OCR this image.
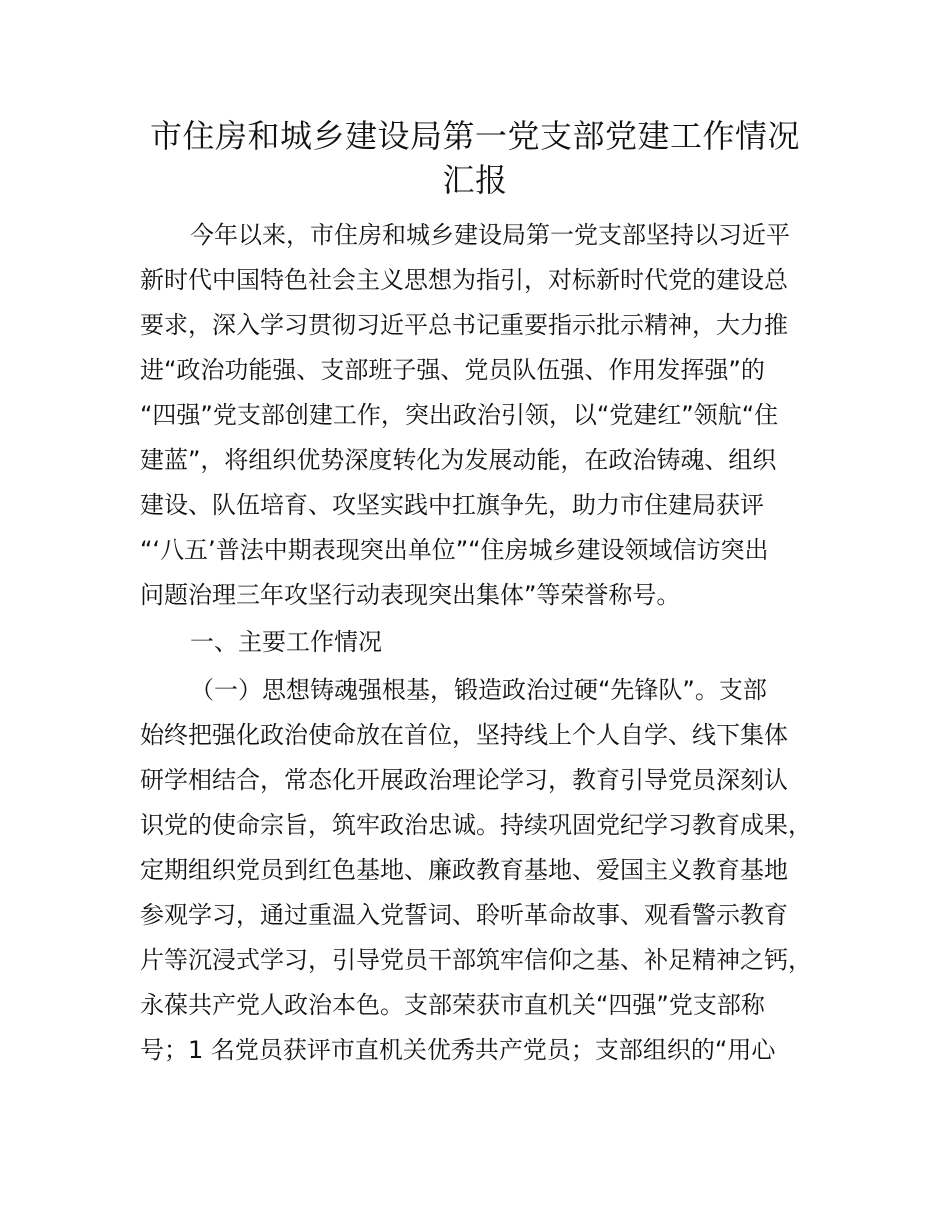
市住房和城乡建设局第一党支部党建工作情况
汇报

今年以来，市住房和城乡建设局第一党支部坚持以习近平

新时代中国特色社会主义思想为指引，对标新时代党的建设总

要求，深入学习贯彻习近平总书记重要指示批示精神，大力推

进“政治功能强、支部班子强、党员队伍强、作用发挥强”的

“四强”党支部创建工作，突出政治引领，以“党建红”领航“住

建蓝”，将组织优势深度转化为发展动能，在政治铸魂、组织

建设、队伍培育、攻坚实践中扛旗争先，助力市住建局获评

“‘八五’普法中期表现突出单位”“住房城乡建设领域信访突出

问题治理三年攻坚行动表现突出集体”等荣誉称号。

一、主要工作情况

（一）思想铸魂强根基，锻造政治过硬“先锋队”。支部

始终把强化政治使命放在首位，坚持线上个人自学、线下集体

研学相结合，常态化开展政治理论学习，教育引导党员深刻认

识党的使命宗旨，筑牢政治忠诚。持续巩固党纪学习教育成果，

定期组织党员到红色基地、廉政教育基地、爱国主义教育基地

参观学习，通过重温入党誓词、聆听革命故事、观看警示教育

片等沉浸式学习，引导党员干部筑牢信仰之基、补足精神之钙，

永葆共产党人政治本色。支部荣获市直机关“四强”党支部称

号；1 名党员获评市直机关优秀共产党员；支部组织的“用心
